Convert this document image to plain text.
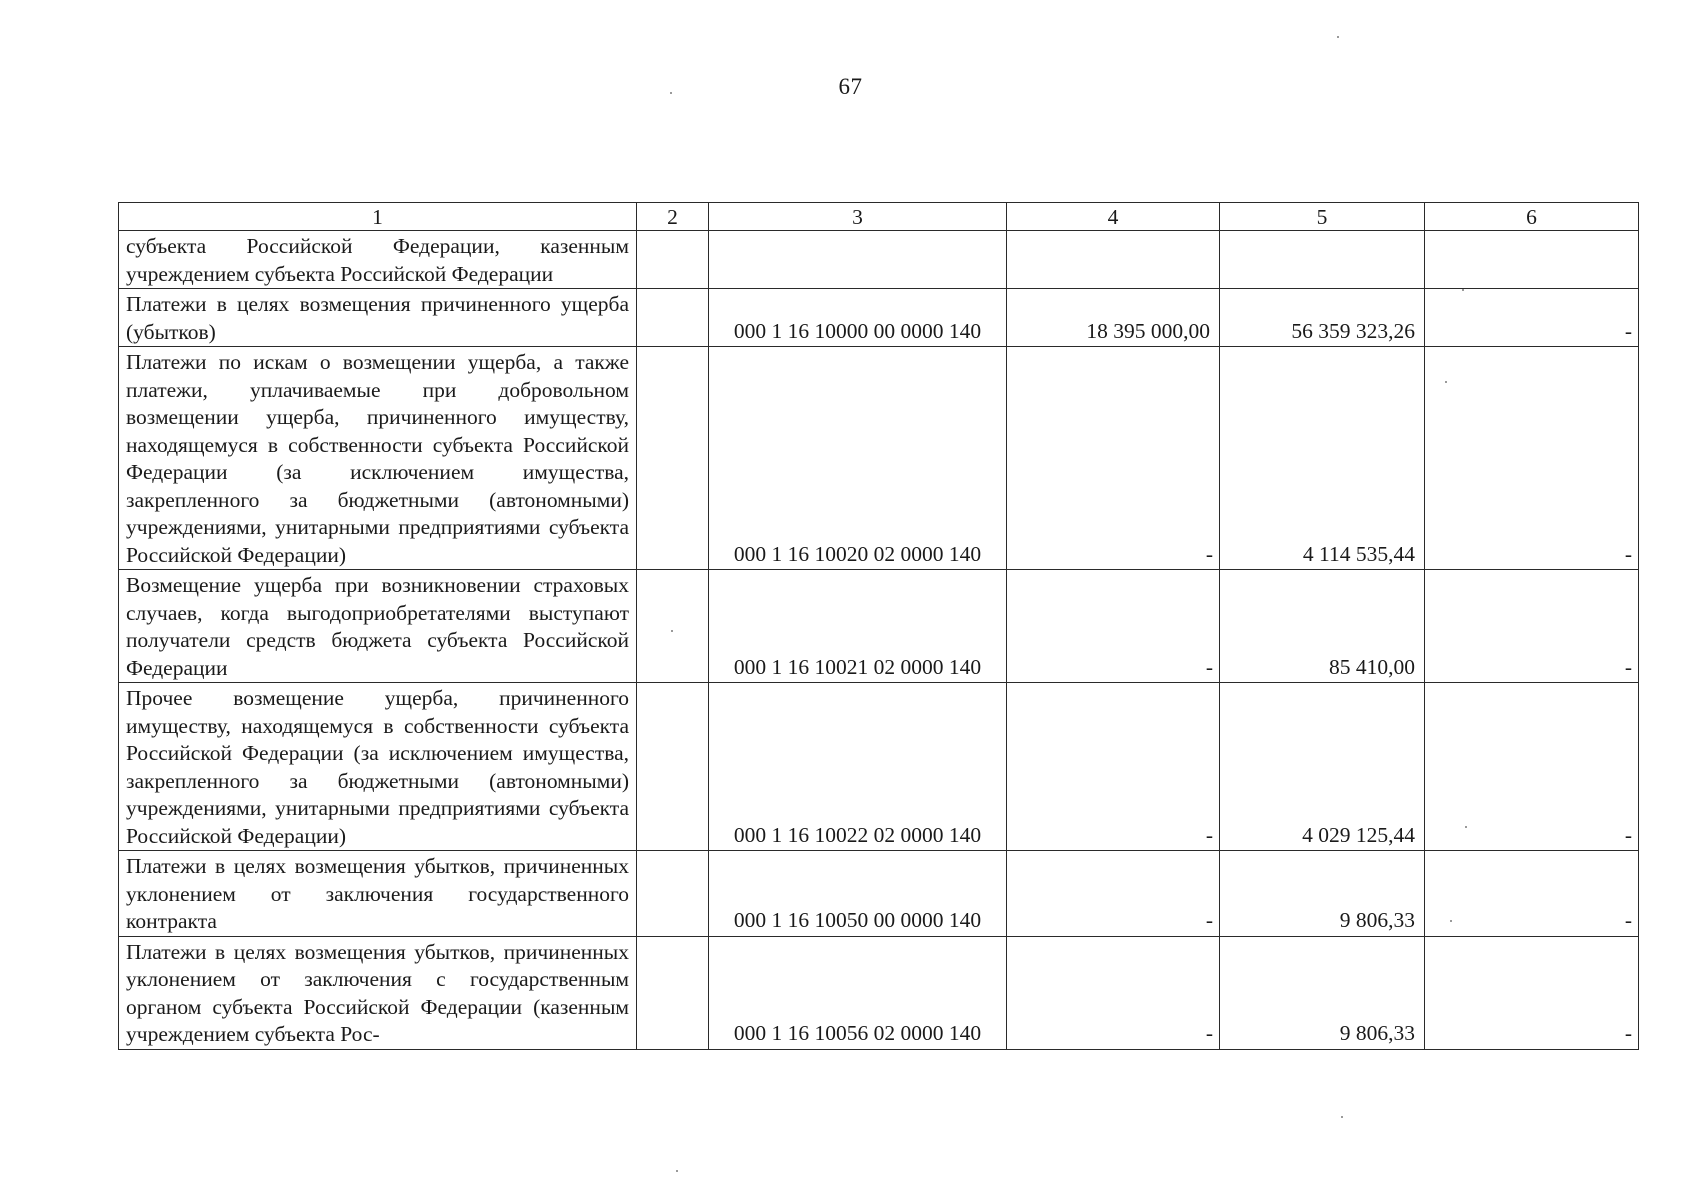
67
1	2	3	4	5	6
субъекта Российской Федерации, казенным учреждением субъекта Российской Федерации					
Платежи в целях возмещения причиненного ущерба (убытков)		000 1 16 10000 00 0000 140	18 395 000,00	56 359 323,26	-
Платежи по искам о возмещении ущерба, а также платежи, уплачиваемые при добровольном возмещении ущерба, причиненного имуществу, находящемуся в собственности субъекта Российской Федерации (за исключением имущества, закрепленного за бюджетными (автономными) учреждениями, унитарными предприятиями субъекта Российской Федерации)		000 1 16 10020 02 0000 140	-	4 114 535,44	-
Возмещение ущерба при возникновении страховых случаев, когда выгодоприобретателями выступают получатели средств бюджета субъекта Российской Федерации		000 1 16 10021 02 0000 140	-	85 410,00	-
Прочее возмещение ущерба, причиненного имуществу, находящемуся в собственности субъекта Российской Федерации (за исключением имущества, закрепленного за бюджетными (автономными) учреждениями, унитарными предприятиями субъекта Российской Федерации)		000 1 16 10022 02 0000 140	-	4 029 125,44	-
Платежи в целях возмещения убытков, причиненных уклонением от заключения государственного контракта		000 1 16 10050 00 0000 140	-	9 806,33	-
Платежи в целях возмещения убытков, причиненных уклонением от заключения с государственным органом субъекта Российской Федерации (казенным учреждением субъекта Рос-		000 1 16 10056 02 0000 140	-	9 806,33	-
